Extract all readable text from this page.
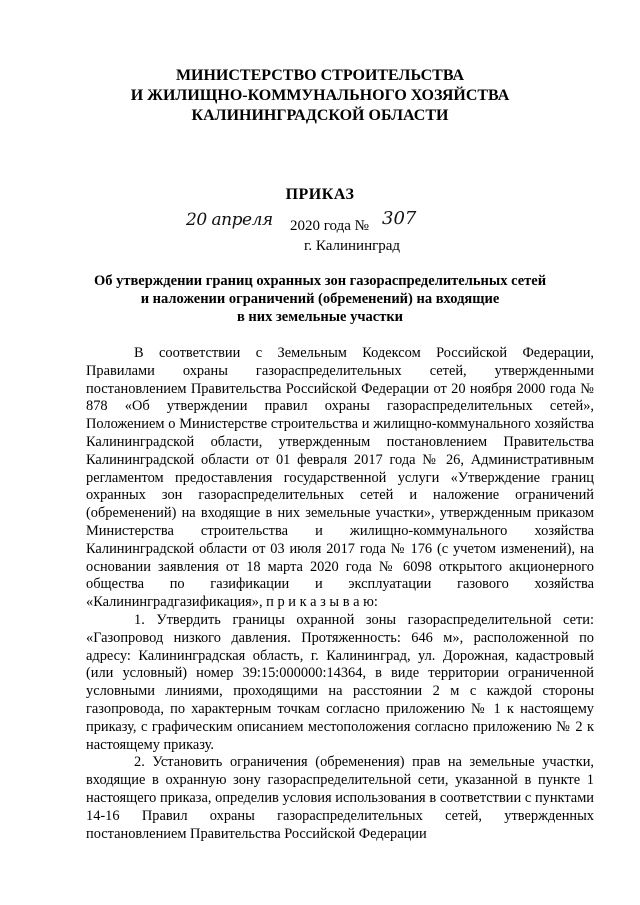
МИНИСТЕРСТВО СТРОИТЕЛЬСТВА
И ЖИЛИЩНО-КОММУНАЛЬНОГО ХОЗЯЙСТВА
КАЛИНИНГРАДСКОЙ ОБЛАСТИ
ПРИКАЗ
20 апреля 2020 года № 307
г. Калининград
Об утверждении границ охранных зон газораспределительных сетей
и наложении ограничений (обременений) на входящие
в них земельные участки

В соответствии с Земельным Кодексом Российской Федерации, Правилами охраны газораспределительных сетей, утвержденными постановлением Правительства Российской Федерации от 20 ноября 2000 года № 878 «Об утверждении правил охраны газораспределительных сетей», Положением о Министерстве строительства и жилищно-коммунального хозяйства Калининградской области, утвержденным постановлением Правительства Калининградской области от 01 февраля 2017 года № 26, Административным регламентом предоставления государственной услуги «Утверждение границ охранных зон газораспределительных сетей и наложение ограничений (обременений) на входящие в них земельные участки», утвержденным приказом Министерства строительства и жилищно-коммунального хозяйства Калининградской области от 03 июля 2017 года № 176 (с учетом изменений), на основании заявления от 18 марта 2020 года № 6098 открытого акционерного общества по газификации и эксплуатации газового хозяйства «Калининградгазификация», п р и к а з ы в а ю:

1. Утвердить границы охранной зоны газораспределительной сети: «Газопровод низкого давления. Протяженность: 646 м», расположенной по адресу: Калининградская область, г. Калининград, ул. Дорожная, кадастровый (или условный) номер 39:15:000000:14364, в виде территории ограниченной условными линиями, проходящими на расстоянии 2 м с каждой стороны газопровода, по характерным точкам согласно приложению № 1 к настоящему приказу, с графическим описанием местоположения согласно приложению № 2 к настоящему приказу.

2. Установить ограничения (обременения) прав на земельные участки, входящие в охранную зону газораспределительной сети, указанной в пункте 1 настоящего приказа, определив условия использования в соответствии с пунктами 14-16 Правил охраны газораспределительных сетей, утвержденных постановлением Правительства Российской Федерации
